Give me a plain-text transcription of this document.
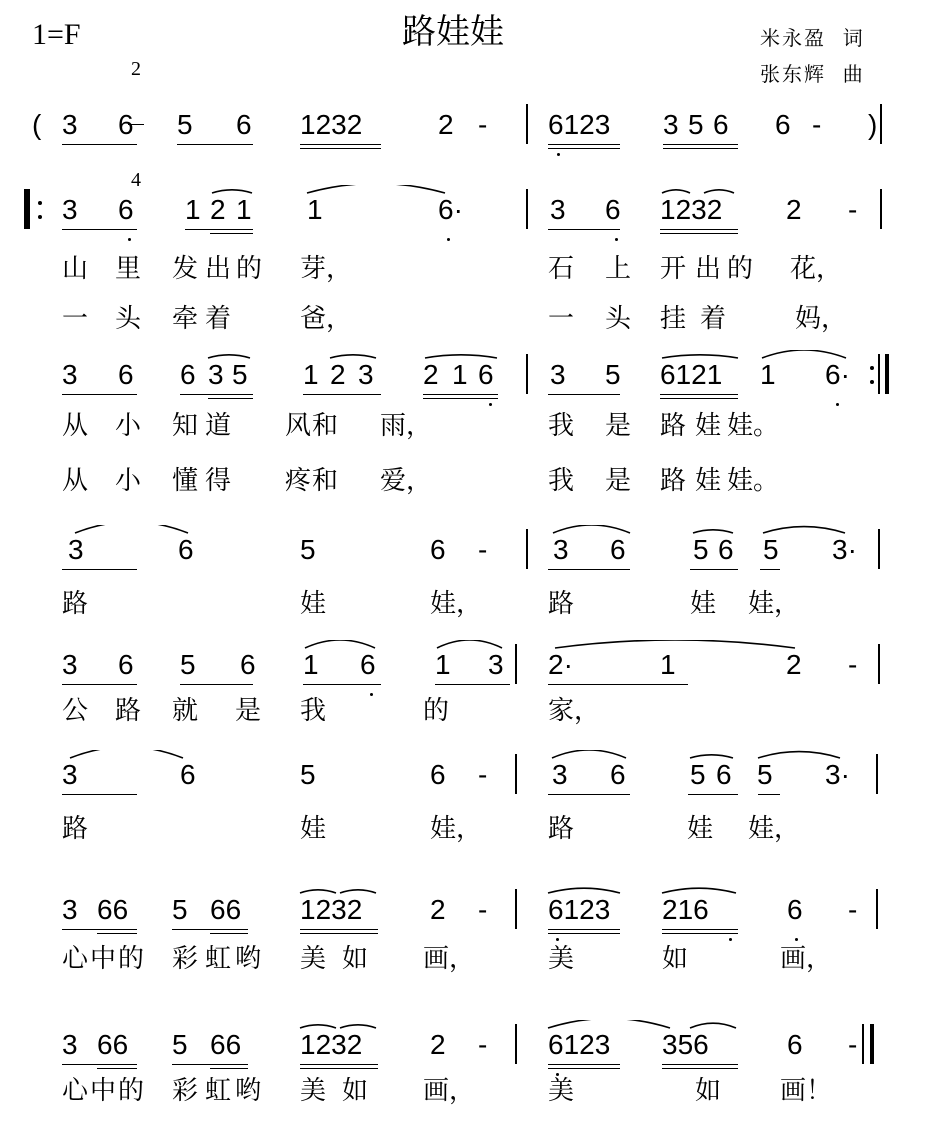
1=F

2

4

路娃娃	米永盈  词
张东辉  曲
( 3 6 5 6 1232	2 - 6123 3 5 6 6 - )
3 6 1 2 1 1	6·	3 6 1232 2 -
山 里 发 出 的 芽，	石 上 开 出 的 花，
一 头 牵 着	爸，	一 头 挂 着	妈，
3 6 6 3 5 1 2 3 2 1 6 3 5 6121 1 6·
从 小 知 道 风 和 雨，	我 是 路 娃 娃。
从 小 懂 得 疼 和 爱，	我 是 路 娃 娃。
3	6	5	6 - 3 6 5 6 5 3·
路	娃	娃，	路	娃 娃，
3 6 5 6 1 6 1 3 2·	1	2 -
公 路 就 是 我	的	家，
3	6	5	6 - 3 6 5 6 5 3·
路	娃	娃，	路	娃 娃，
3 66 5 66 1232 2 - 6123 216	6 -
心 中 的 彩 虹 哟 美 如 画，	美	如	画，
3 66 5 66 1232 2 - 6123 356	6 -
心 中 的 彩 虹 哟 美 如 画，	美	如 画！
